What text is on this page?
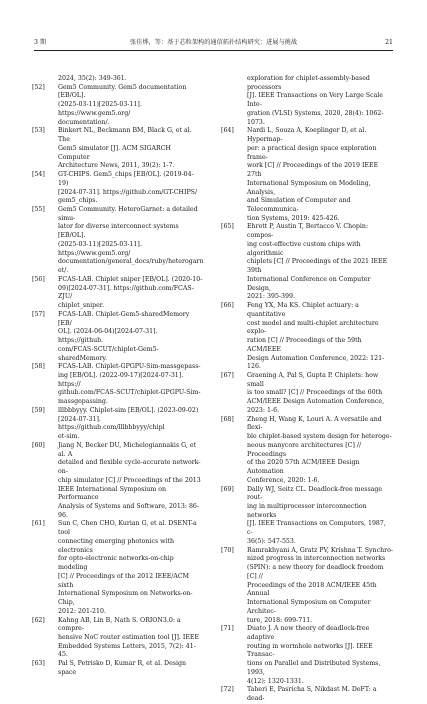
3 期	张佳烨，等：基于芯粒架构的通信拓扑结构研究：进展与挑战	21
2024, 35(2): 349-361.
[52]	Gem5 Community. Gem5 documentation [EB/OL].
(2025-03-11)[2025-03-11]. https://www.gem5.org/
documentation/.
[53]	Binkert NL, Beckmann BM, Black G, et al. The
Gem5 simulator [J]. ACM SIGARCH Computer
Architecture News, 2011, 39(2): 1-7.
[54]	GT-CHIPS. Gem5_chips [EB/OL]. (2019-04-19)
[2024-07-31]. https://github.com/GT-CHIPS/
gem5_chips.
[55]	Gem5 Community. HeteroGarnet: a detailed simu-
lator for diverse interconnect systems [EB/OL].
(2025-03-11)[2025-03-11]. https://www.gem5.org/
documentation/general_docs/ruby/heterogarnet/.
[56]	FCAS-LAB. Chiplet sniper [EB/OL]. (2020-10-
09)[2024-07-31]. https://github.com/FCAS-ZJU/
chiplet_sniper.
[57]	FCAS-LAB. Chiplet-Gem5-sharedMemory [EB/
OL]. (2024-06-04)[2024-07-31]. https://github.
com/FCAS-SCUT/chiplet-Gem5-sharedMemory.
[58]	FCAS-LAB. Chiplet-GPGPU-Sim-massgepass-
ing [EB/OL]. (2022-09-17)[2024-07-31]. https://
github.com/FCAS-SCUT/chiplet-GPGPU-Sim-
massgepassing.
[59]	lllbbbyyy. Chiplet-sim [EB/OL]. (2023-09-02)
[2024-07-31]. https://github.com/lllbbbyyy/chipl
et-sim.
[60]	Jiang N, Becker DU, Michelogiannakis G, et al. A
detailed and flexible cycle-accurate network-on-
chip simulator [C] // Proceedings of the 2013
IEEE International Symposium on Performance
Analysis of Systems and Software, 2013: 86-96.
[61]	Sun C, Chen CHO, Kurian G, et al. DSENT-a tool
connecting emerging photonics with electronics
for opto-electronic networks-on-chip modeling
[C] // Proceedings of the 2012 IEEE/ACM sixth
International Symposium on Networks-on-Chip,
2012: 201-210.
[62]	Kahng AB, Lin B, Nath S. ORION3.0: a compre-
hensive NoC router estimation tool [J]. IEEE
Embedded Systems Letters, 2015, 7(2): 41-45.
[63]	Pal S, Petrisko D, Kumar R, et al. Design space
exploration for chiplet-assembly-based processors
[J]. IEEE Transactions on Very Large Scale Inte-
gration (VLSI) Systems, 2020, 28(4): 1062-1073.
[64]	Nardi L, Souza A, Koeplinger D, et al. Hypermap-
per: a practical design space exploration frame-
work [C] // Proceedings of the 2019 IEEE 27th
International Symposium on Modeling, Analysis,
and Simulation of Computer and Telecommunica-
tion Systems, 2019: 425-426.
[65]	Ehrett P, Austin T, Bertacco V. Chopin: compos-
ing cost-effective custom chips with algorithmic
chiplets [C] // Proceedings of the 2021 IEEE 39th
International Conference on Computer Design,
2021: 395-399.
[66]	Feng YX, Ma KS. Chiplet actuary: a quantitative
cost model and multi-chiplet architecture explo-
ration [C] // Proceedings of the 59th ACM/IEEE
Design Automation Conference, 2022: 121-126.
[67]	Graening A, Pal S, Gupta P. Chiplets: how small
is too small? [C] // Proceedings of the 60th
ACM/IEEE Design Automation Conference,
2023: 1-6.
[68]	Zheng H, Wang K, Louri A. A versatile and flexi-
ble chiplet-based system design for heteroge-
neous manycore architectures [C] // Proceedings
of the 2020 57th ACM/IEEE Design Automation
Conference, 2020: 1-6.
[69]	Dally WJ, Seitz CL. Deadlock-free message rout-
ing in multiprocessor interconnection networks
[J]. IEEE Transactions on Computers, 1987, c-
36(5): 547-553.
[70]	Ramrakhyani A, Gratz PV, Krishna T. Synchro-
nized progress in interconnection networks
(SPIN): a new theory for deadlock freedom [C] //
Proceedings of the 2018 ACM/IEEE 45th Annual
International Symposium on Computer Architec-
ture, 2018: 699-711.
[71]	Duato J. A new theory of deadlock-free adaptive
routing in wormhole networks [J]. IEEE Transac-
tions on Parallel and Distributed Systems, 1993,
4(12): 1320-1331.
[72]	Taheri E, Pasricha S, Nikdast M. DeFT: a dead-
